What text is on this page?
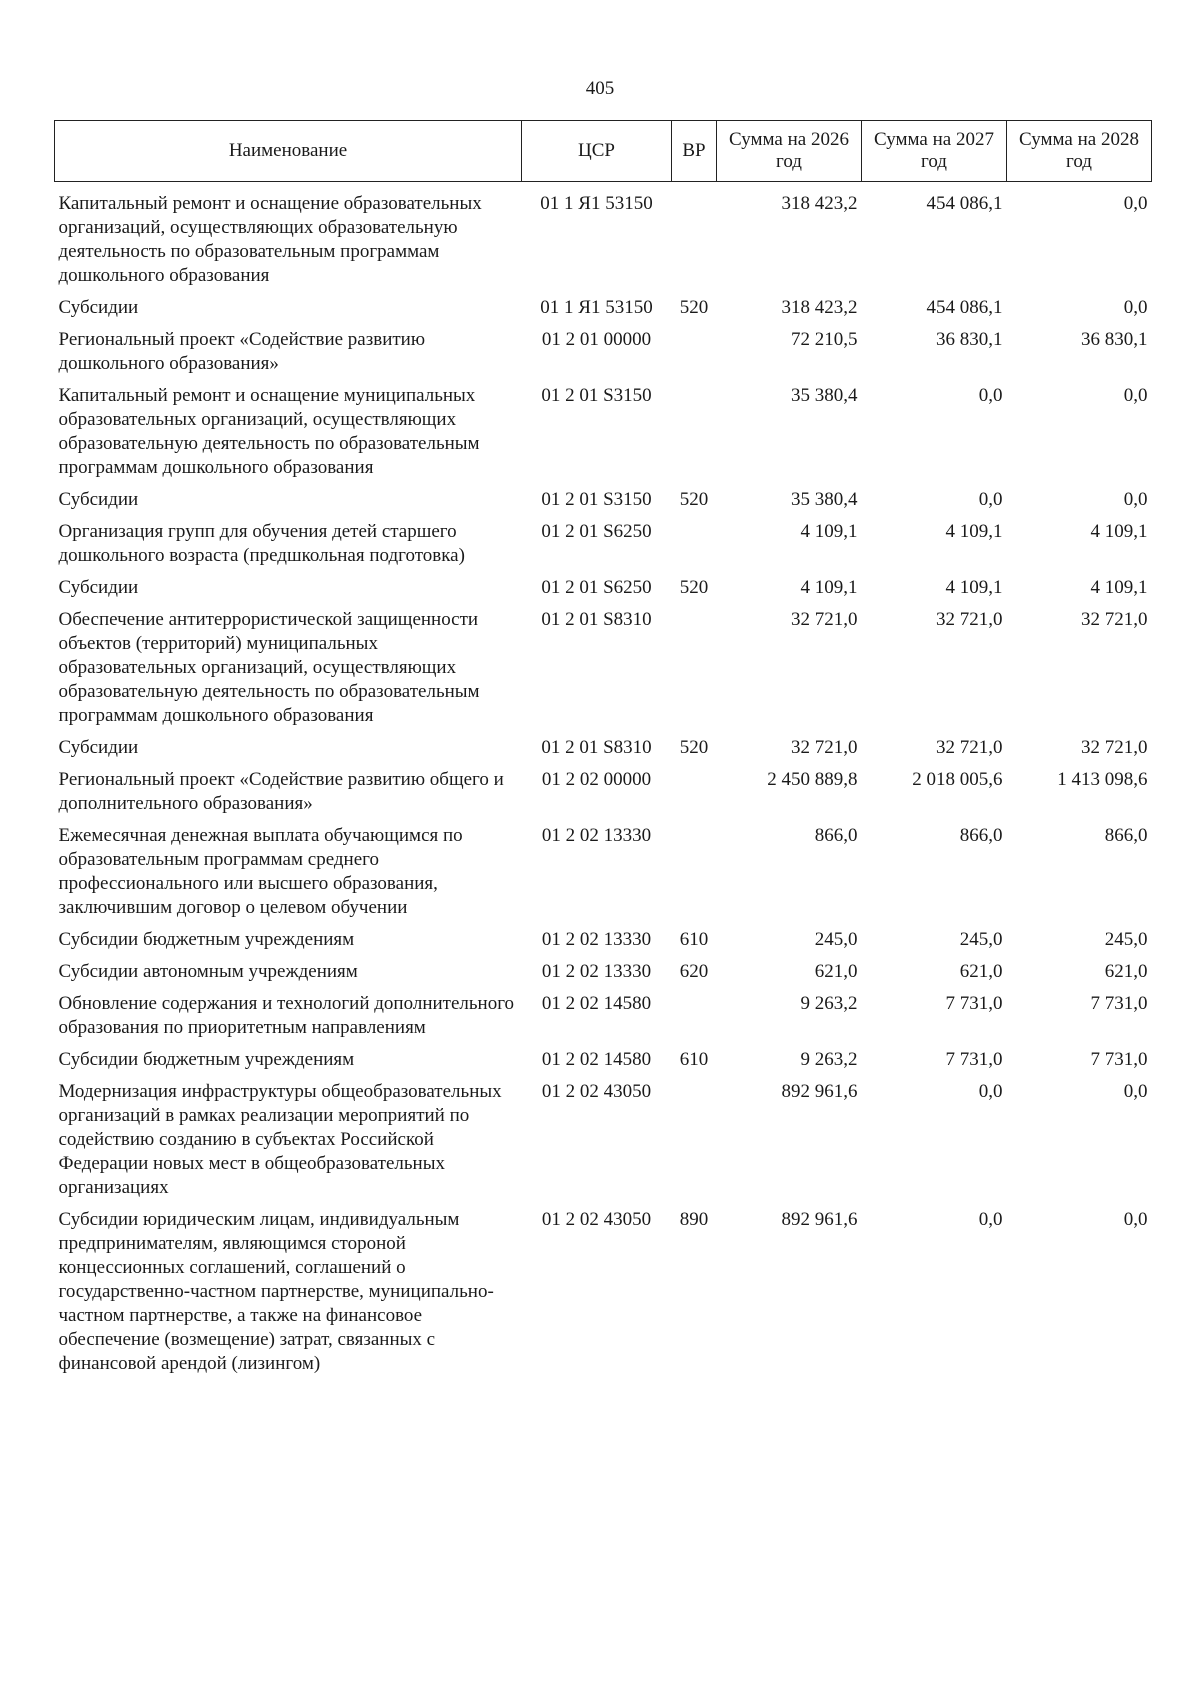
405
Наименование	ЦСР	ВР	Сумма на 2026 год	Сумма на 2027 год	Сумма на 2028 год
Капитальный ремонт и оснащение образовательных организаций, осуществляющих образовательную деятельность по образовательным программам дошкольного образования	01 1 Я1 53150		318 423,2	454 086,1	0,0
Субсидии	01 1 Я1 53150	520	318 423,2	454 086,1	0,0
Региональный проект «Содействие развитию дошкольного образования»	01 2 01 00000		72 210,5	36 830,1	36 830,1
Капитальный ремонт и оснащение муниципальных образовательных организаций, осуществляющих образовательную деятельность по образовательным программам дошкольного образования	01 2 01 S3150		35 380,4	0,0	0,0
Субсидии	01 2 01 S3150	520	35 380,4	0,0	0,0
Организация групп для обучения детей старшего дошкольного возраста (предшкольная подготовка)	01 2 01 S6250		4 109,1	4 109,1	4 109,1
Субсидии	01 2 01 S6250	520	4 109,1	4 109,1	4 109,1
Обеспечение антитеррористической защищенности объектов (территорий) муниципальных образовательных организаций, осуществляющих образовательную деятельность по образовательным программам дошкольного образования	01 2 01 S8310		32 721,0	32 721,0	32 721,0
Субсидии	01 2 01 S8310	520	32 721,0	32 721,0	32 721,0
Региональный проект «Содействие развитию общего и дополнительного образования»	01 2 02 00000		2 450 889,8	2 018 005,6	1 413 098,6
Ежемесячная денежная выплата обучающимся по образовательным программам среднего профессионального или высшего образования, заключившим договор о целевом обучении	01 2 02 13330		866,0	866,0	866,0
Субсидии бюджетным учреждениям	01 2 02 13330	610	245,0	245,0	245,0
Субсидии автономным учреждениям	01 2 02 13330	620	621,0	621,0	621,0
Обновление содержания и технологий дополнительного образования по приоритетным направлениям	01 2 02 14580		9 263,2	7 731,0	7 731,0
Субсидии бюджетным учреждениям	01 2 02 14580	610	9 263,2	7 731,0	7 731,0
Модернизация инфраструктуры общеобразовательных организаций в рамках реализации мероприятий по содействию созданию в субъектах Российской Федерации новых мест в общеобразовательных организациях	01 2 02 43050		892 961,6	0,0	0,0
Субсидии юридическим лицам, индивидуальным предпринимателям, являющимся стороной концессионных соглашений, соглашений о государственно-частном партнерстве, муниципально-частном партнерстве, а также на финансовое обеспечение (возмещение) затрат, связанных с финансовой арендой (лизингом)	01 2 02 43050	890	892 961,6	0,0	0,0
